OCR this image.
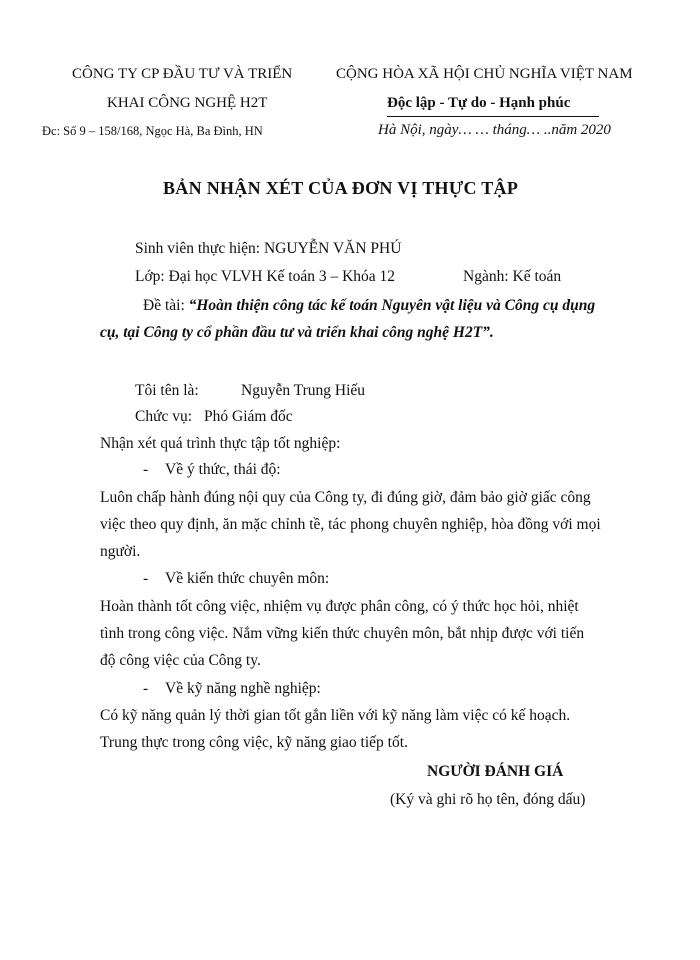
CÔNG TY CP ĐẦU TƯ VÀ TRIỂN
KHAI CÔNG NGHỆ H2T
Đc: Số 9 – 158/168, Ngọc Hà, Ba Đình, HN
CỘNG HÒA XÃ HỘI CHỦ NGHĨA VIỆT NAM
Độc lập - Tự do - Hạnh phúc
Hà Nội, ngày… … tháng… ..năm 2020
BẢN NHẬN XÉT CỦA ĐƠN VỊ THỰC TẬP
Sinh viên thực hiện: NGUYỄN VĂN PHÚ
Lớp: Đại học VLVH Kế toán 3 – Khóa 12	Ngành: Kế toán
Đề tài: “Hoàn thiện công tác kế toán Nguyên vật liệu và Công cụ dụng
cụ, tại Công ty cổ phần đầu tư và triển khai công nghệ H2T”.
Tôi tên là:	Nguyễn Trung Hiếu
Chức vụ: Phó Giám đốc
Nhận xét quá trình thực tập tốt nghiệp:
- Về ý thức, thái độ:
Luôn chấp hành đúng nội quy của Công ty, đi đúng giờ, đảm bảo giờ giấc công
việc theo quy định, ăn mặc chỉnh tề, tác phong chuyên nghiệp, hòa đồng với mọi
người.
- Về kiến thức chuyên môn:
Hoàn thành tốt công việc, nhiệm vụ được phân công, có ý thức học hỏi, nhiệt
tình trong công việc. Nắm vững kiến thức chuyên môn, bắt nhịp được với tiến
độ công việc của Công ty.
- Về kỹ năng nghề nghiệp:
Có kỹ năng quản lý thời gian tốt gắn liền với kỹ năng làm việc có kế hoạch.
Trung thực trong công việc, kỹ năng giao tiếp tốt.
NGƯỜI ĐÁNH GIÁ
(Ký và ghi rõ họ tên, đóng dấu)
